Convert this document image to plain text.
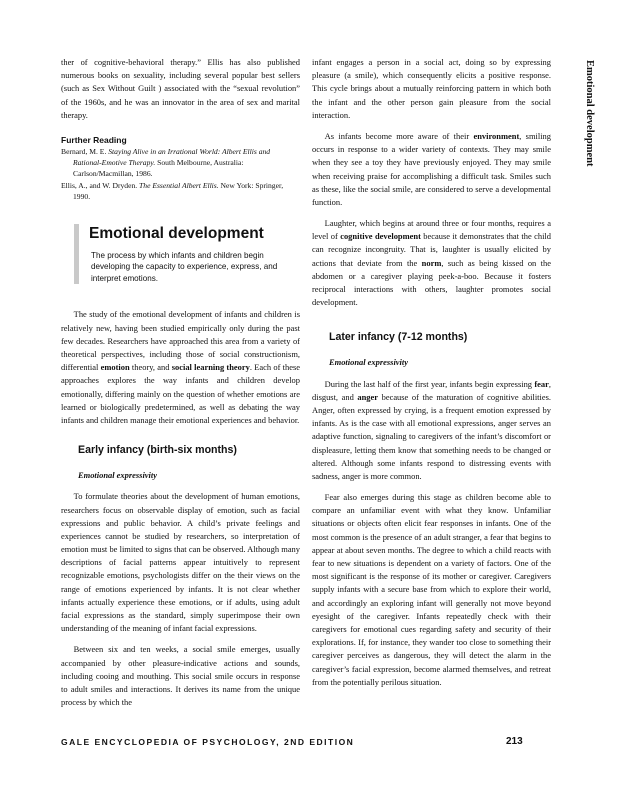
Emotional development

ther of cognitive-behavioral therapy.” Ellis has also published numerous books on sexuality, including several popular best sellers (such as Sex Without Guilt ) associated with the “sexual revolution” of the 1960s, and he was an innovator in the area of sex and marital therapy.

Further Reading

Bernard, M. E. Staying Alive in an Irrational World: Albert Ellis and Rational-Emotive Therapy. South Melbourne, Australia: Carlson/Macmillan, 1986.

Ellis, A., and W. Dryden. The Essential Albert Ellis. New York: Springer, 1990.

Emotional development
The process by which infants and children begin developing the capacity to experience, express, and interpret emotions.

The study of the emotional development of infants and children is relatively new, having been studied empirically only during the past few decades. Researchers have approached this area from a variety of theoretical perspectives, including those of social constructionism, differential emotion theory, and social learning theory. Each of these approaches explores the way infants and children develop emotionally, differing mainly on the question of whether emotions are learned or biologically predetermined, as well as debating the way infants and children manage their emotional experiences and behavior.

Early infancy (birth-six months)
Emotional expressivity

To formulate theories about the development of human emotions, researchers focus on observable display of emotion, such as facial expressions and public behavior. A child’s private feelings and experiences cannot be studied by researchers, so interpretation of emotion must be limited to signs that can be observed. Although many descriptions of facial patterns appear intuitively to represent recognizable emotions, psychologists differ on the their views on the range of emotions experienced by infants. It is not clear whether infants actually experience these emotions, or if adults, using adult facial expressions as the standard, simply superimpose their own understanding of the meaning of infant facial expressions.

Between six and ten weeks, a social smile emerges, usually accompanied by other pleasure-indicative actions and sounds, including cooing and mouthing. This social smile occurs in response to adult smiles and interactions. It derives its name from the unique process by which the

infant engages a person in a social act, doing so by expressing pleasure (a smile), which consequently elicits a positive response. This cycle brings about a mutually reinforcing pattern in which both the infant and the other person gain pleasure from the social interaction.

As infants become more aware of their environment, smiling occurs in response to a wider variety of contexts. They may smile when they see a toy they have previously enjoyed. They may smile when receiving praise for accomplishing a difficult task. Smiles such as these, like the social smile, are considered to serve a developmental function.

Laughter, which begins at around three or four months, requires a level of cognitive development because it demonstrates that the child can recognize incongruity. That is, laughter is usually elicited by actions that deviate from the norm, such as being kissed on the abdomen or a caregiver playing peek-a-boo. Because it fosters reciprocal interactions with others, laughter promotes social development.

Later infancy (7-12 months)
Emotional expressivity

During the last half of the first year, infants begin expressing fear, disgust, and anger because of the maturation of cognitive abilities. Anger, often expressed by crying, is a frequent emotion expressed by infants. As is the case with all emotional expressions, anger serves an adaptive function, signaling to caregivers of the infant’s discomfort or displeasure, letting them know that something needs to be changed or altered. Although some infants respond to distressing events with sadness, anger is more common.

Fear also emerges during this stage as children become able to compare an unfamiliar event with what they know. Unfamiliar situations or objects often elicit fear responses in infants. One of the most common is the presence of an adult stranger, a fear that begins to appear at about seven months. The degree to which a child reacts with fear to new situations is dependent on a variety of factors. One of the most significant is the response of its mother or caregiver. Caregivers supply infants with a secure base from which to explore their world, and accordingly an exploring infant will generally not move beyond eyesight of the caregiver. Infants repeatedly check with their caregivers for emotional cues regarding safety and security of their explorations. If, for instance, they wander too close to something their caregiver perceives as dangerous, they will detect the alarm in the caregiver’s facial expression, become alarmed themselves, and retreat from the potentially perilous situation.

GALE ENCYCLOPEDIA OF PSYCHOLOGY, 2ND EDITION	213
